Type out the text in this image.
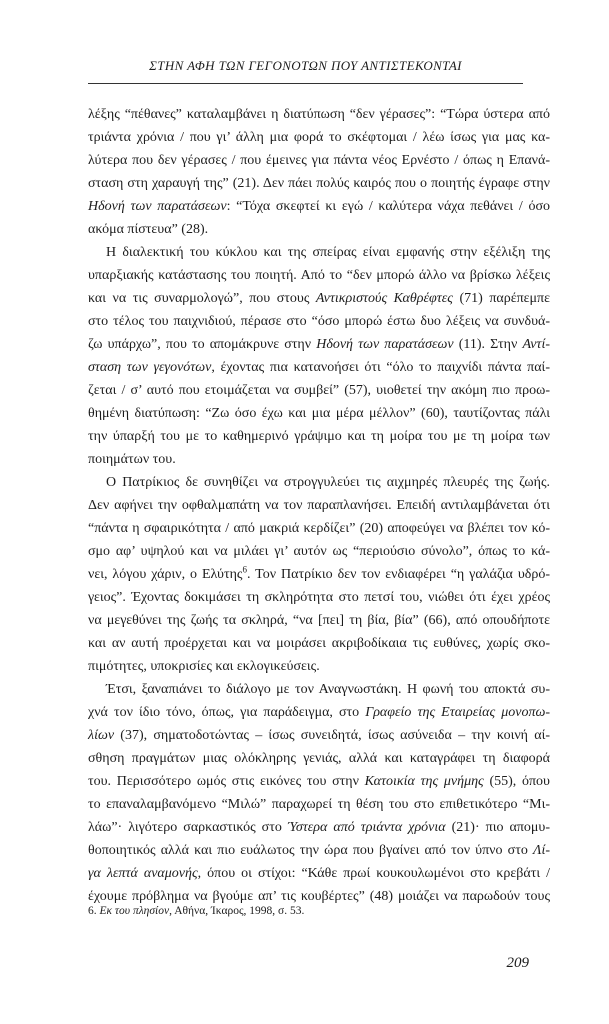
ΣΤΗΝ ΑΦΗ ΤΩΝ ΓΕΓΟΝΟΤΩΝ ΠΟΥ ΑΝΤΙΣΤΕΚΟΝΤΑΙ
λέξης “πέθανες” καταλαμβάνει η διατύπωση “δεν γέρασες”: “Τώρα ύστερα από
τριάντα χρόνια / που γι’ άλλη μια φορά το σκέφτομαι / λέω ίσως για μας κα-
λύτερα που δεν γέρασες / που έμεινες για πάντα νέος Ερνέστο / όπως η Επανά-
σταση στη χαραυγή της” (21). Δεν πάει πολύς καιρός που ο ποιητής έγραφε στην
Ηδονή των παρατάσεων: “Τόχα σκεφτεί κι εγώ / καλύτερα νάχα πεθάνει / όσο
ακόμα πίστευα” (28).
Η διαλεκτική του κύκλου και της σπείρας είναι εμφανής στην εξέλιξη της
υπαρξιακής κατάστασης του ποιητή. Από το “δεν μπορώ άλλο να βρίσκω λέξεις
και να τις συναρμολογώ”, που στους Αντικριστούς Καθρέφτες (71) παρέπεμπε
στο τέλος του παιχνιδιού, πέρασε στο “όσο μπορώ έστω δυο λέξεις να συνδυά-
ζω υπάρχω”, που το απομάκρυνε στην Ηδονή των παρατάσεων (11). Στην Αντί-
σταση των γεγονότων, έχοντας πια κατανοήσει ότι “όλο το παιχνίδι πάντα παί-
ζεται / σ’ αυτό που ετοιμάζεται να συμβεί” (57), υιοθετεί την ακόμη πιο προω-
θημένη διατύπωση: “Ζω όσο έχω και μια μέρα μέλλον” (60), ταυτίζοντας πάλι
την ύπαρξή του με το καθημερινό γράψιμο και τη μοίρα του με τη μοίρα των
ποιημάτων του.
Ο Πατρίκιος δε συνηθίζει να στρογγυλεύει τις αιχμηρές πλευρές της ζωής.
Δεν αφήνει την οφθαλμαπάτη να τον παραπλανήσει. Επειδή αντιλαμβάνεται ότι
“πάντα η σφαιρικότητα / από μακριά κερδίζει” (20) αποφεύγει να βλέπει τον κό-
σμο αφ’ υψηλού και να μιλάει γι’ αυτόν ως “περιούσιο σύνολο”, όπως το κά-
νει, λόγου χάριν, ο Ελύτης$^6$. Τον Πατρίκιο δεν τον ενδιαφέρει “η γαλάζια υδρό-
γειος”. Έχοντας δοκιμάσει τη σκληρότητα στο πετσί του, νιώθει ότι έχει χρέος
να μεγεθύνει της ζωής τα σκληρά, “να [πει] τη βία, βία” (66), από οπουδήποτε
και αν αυτή προέρχεται και να μοιράσει ακριβοδίκαια τις ευθύνες, χωρίς σκο-
πιμότητες, υποκρισίες και εκλογικεύσεις.
Έτσι, ξαναπιάνει το διάλογο με τον Αναγνωστάκη. Η φωνή του αποκτά συ-
χνά τον ίδιο τόνο, όπως, για παράδειγμα, στο Γραφείο της Εταιρείας μονοπω-
λίων (37), σηματοδοτώντας – ίσως συνειδητά, ίσως ασύνειδα – την κοινή αί-
σθηση πραγμάτων μιας ολόκληρης γενιάς, αλλά και καταγράφει τη διαφορά
του. Περισσότερο ωμός στις εικόνες του στην Κατοικία της μνήμης (55), όπου
το επαναλαμβανόμενο “Μιλώ” παραχωρεί τη θέση του στο επιθετικότερο “Μι-
λάω”· λιγότερο σαρκαστικός στο Ύστερα από τριάντα χρόνια (21)· πιο απομυ-
θοποιητικός αλλά και πιο ευάλωτος την ώρα που βγαίνει από τον ύπνο στο Λί-
γα λεπτά αναμονής, όπου οι στίχοι: “Κάθε πρωί κουκουλωμένοι στο κρεβάτι /
έχουμε πρόβλημα να βγούμε απ’ τις κουβέρτες” (48) μοιάζει να παρωδούν τους
6. Εκ του πλησίον, Αθήνα, Ίκαρος, 1998, σ. 53.
209
